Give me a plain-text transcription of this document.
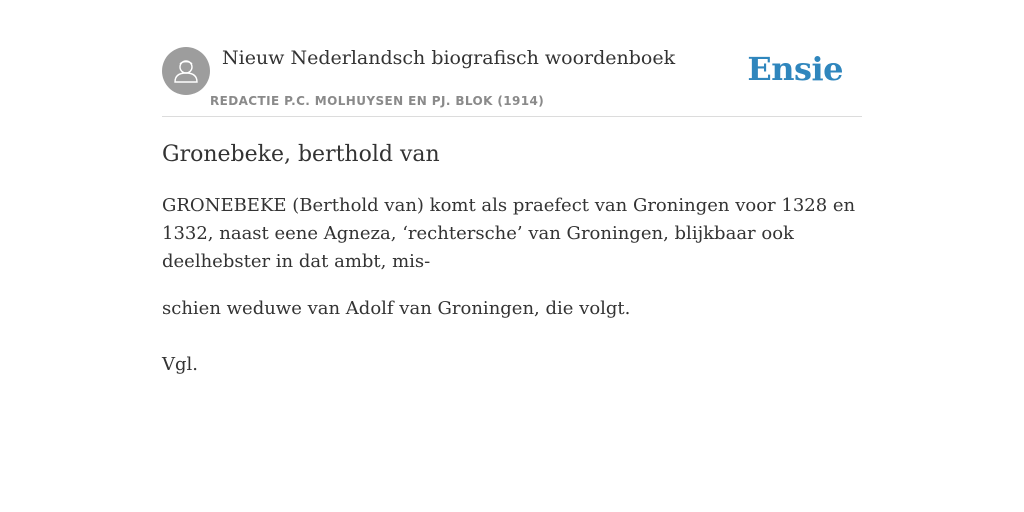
Nieuw Nederlandsch biografisch woordenboek
REDACTIE P.C. MOLHUYSEN EN PJ. BLOK (1914)
Ensie
Gronebeke, berthold van

GRONEBEKE (Berthold van) komt als praefect van Groningen voor 1328 en 1332, naast eene Agneza, ‘rechtersche’ van Groningen, blijkbaar ook deelhebster in dat ambt, mis-

schien weduwe van Adolf van Groningen, die volgt.

Vgl.
